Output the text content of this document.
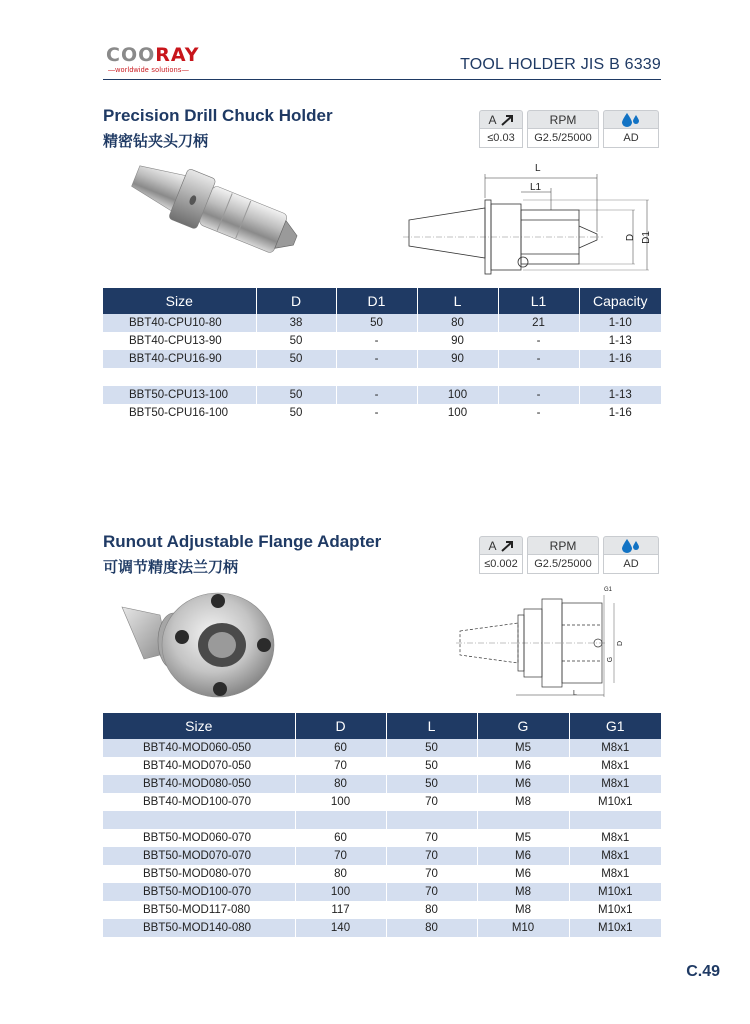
COO RAY
—worldwide solutions—	TOOL HOLDER JIS B 6339
Precision Drill Chuck Holder
精密钻夹头刀柄
A
≤0.03
RPM
G2.5/25000	AD
L
L1
D D1
Size	D	D1	L	L1	Capacity
BBT40-CPU10-80	38	50	80	21	1-10
BBT40-CPU13-90	50	-	90	-	1-13
BBT40-CPU16-90	50	-	90	-	1-16

BBT50-CPU13-100	50	-	100	-	1-13
BBT50-CPU16-100	50	-	100	-	1-16
Runout Adjustable Flange Adapter
可调节精度法兰刀柄
A
≤0.002
RPM
G2.5/25000	AD
G1
D
G
L
Size	D	L	G	G1
BBT40-MOD060-050	60	50	M5	M8x1
BBT40-MOD070-050	70	50	M6	M8x1
BBT40-MOD080-050	80	50	M6	M8x1
BBT40-MOD100-070	100	70	M8	M10x1

BBT50-MOD060-070	60	70	M5	M8x1
BBT50-MOD070-070	70	70	M6	M8x1
BBT50-MOD080-070	80	70	M6	M8x1
BBT50-MOD100-070	100	70	M8	M10x1
BBT50-MOD117-080	117	80	M8	M10x1
BBT50-MOD140-080	140	80	M10	M10x1
C.49
